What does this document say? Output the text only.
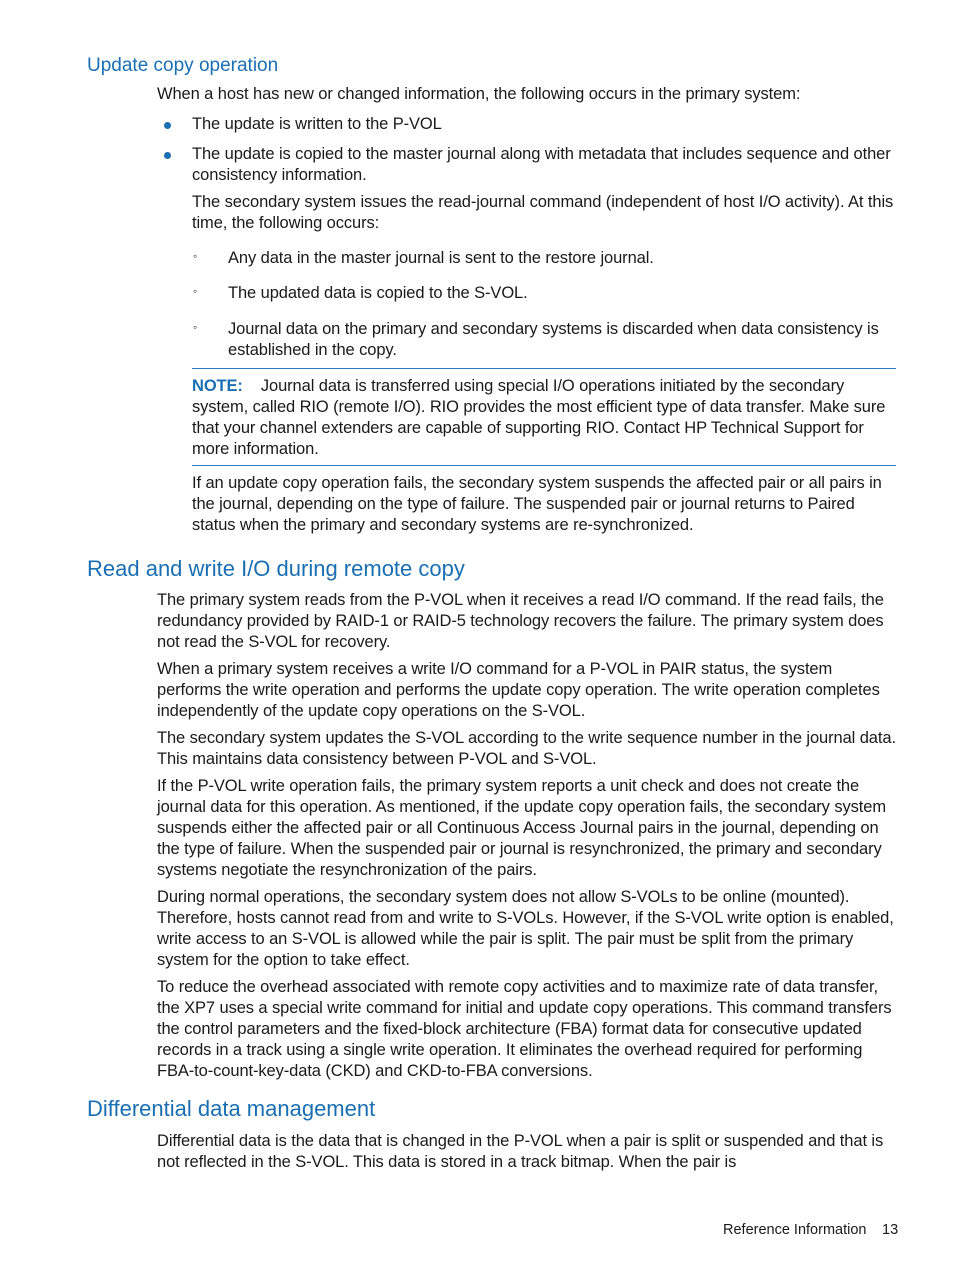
Update copy operation

When a host has new or changed information, the following occurs in the primary system:

The update is written to the P-VOL

The update is copied to the master journal along with metadata that includes sequence and other consistency information.

The secondary system issues the read-journal command (independent of host I/O activity). At this time, the following occurs:

◦ Any data in the master journal is sent to the restore journal.

◦ The updated data is copied to the S-VOL.

◦ Journal data on the primary and secondary systems is discarded when data consistency is established in the copy.

NOTE: Journal data is transferred using special I/O operations initiated by the secondary system, called RIO (remote I/O). RIO provides the most efficient type of data transfer. Make sure that your channel extenders are capable of supporting RIO. Contact HP Technical Support for more information.

If an update copy operation fails, the secondary system suspends the affected pair or all pairs in the journal, depending on the type of failure. The suspended pair or journal returns to Paired status when the primary and secondary systems are re-synchronized.

Read and write I/O during remote copy

The primary system reads from the P-VOL when it receives a read I/O command. If the read fails, the redundancy provided by RAID-1 or RAID-5 technology recovers the failure. The primary system does not read the S-VOL for recovery.

When a primary system receives a write I/O command for a P-VOL in PAIR status, the system performs the write operation and performs the update copy operation. The write operation completes independently of the update copy operations on the S-VOL.

The secondary system updates the S-VOL according to the write sequence number in the journal data. This maintains data consistency between P-VOL and S-VOL.

If the P-VOL write operation fails, the primary system reports a unit check and does not create the journal data for this operation. As mentioned, if the update copy operation fails, the secondary system suspends either the affected pair or all Continuous Access Journal pairs in the journal, depending on the type of failure. When the suspended pair or journal is resynchronized, the primary and secondary systems negotiate the resynchronization of the pairs.

During normal operations, the secondary system does not allow S-VOLs to be online (mounted). Therefore, hosts cannot read from and write to S-VOLs. However, if the S-VOL write option is enabled, write access to an S-VOL is allowed while the pair is split. The pair must be split from the primary system for the option to take effect.

To reduce the overhead associated with remote copy activities and to maximize rate of data transfer, the XP7 uses a special write command for initial and update copy operations. This command transfers the control parameters and the fixed-block architecture (FBA) format data for consecutive updated records in a track using a single write operation. It eliminates the overhead required for performing FBA-to-count-key-data (CKD) and CKD-to-FBA conversions.

Differential data management

Differential data is the data that is changed in the P-VOL when a pair is split or suspended and that is not reflected in the S-VOL. This data is stored in a track bitmap. When the pair is

Reference Information 13
